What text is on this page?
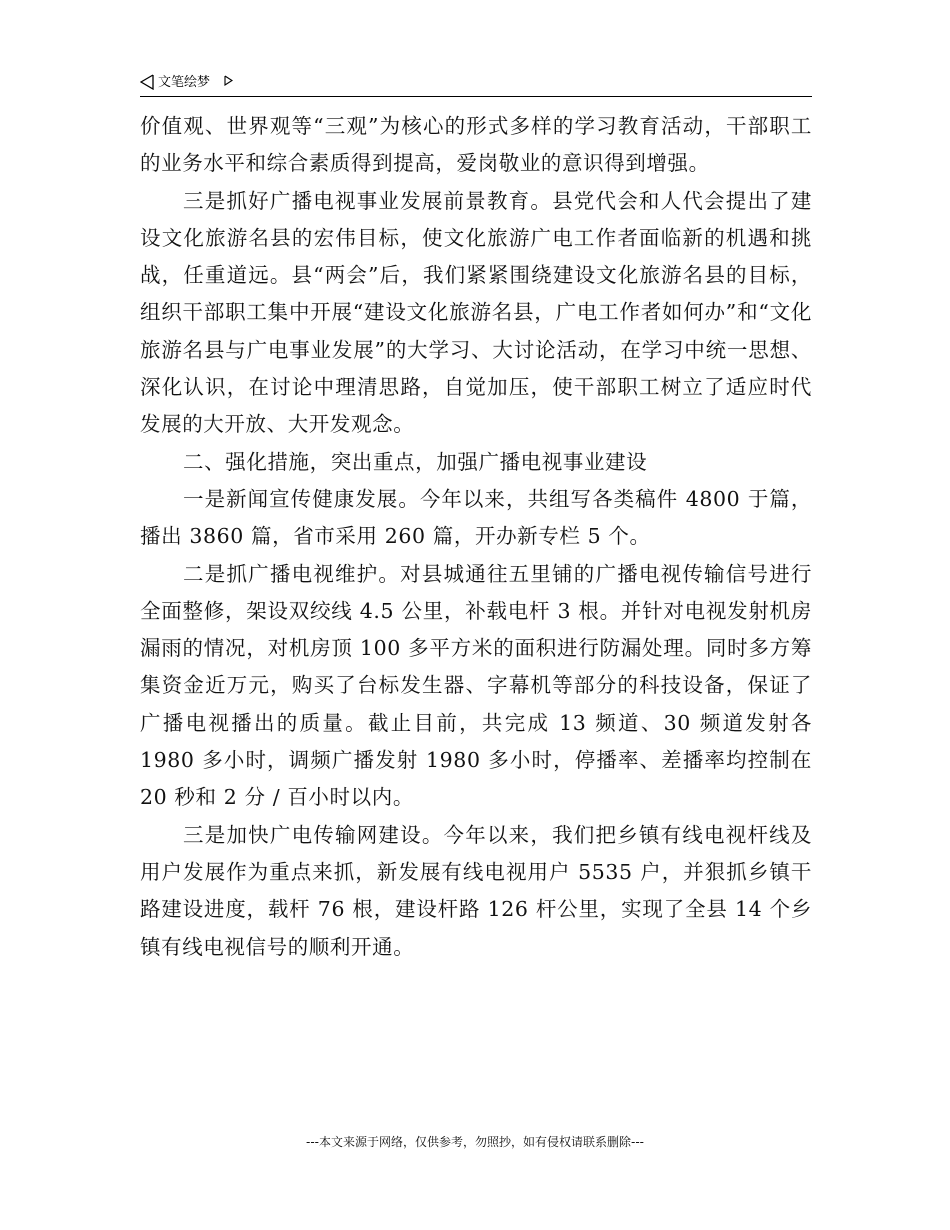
文笔绘梦

价值观、世界观等“三观”为核心的形式多样的学习教育活动，干部职工的业务水平和综合素质得到提高，爱岗敬业的意识得到增强。

三是抓好广播电视事业发展前景教育。县党代会和人代会提出了建设文化旅游名县的宏伟目标，使文化旅游广电工作者面临新的机遇和挑战，任重道远。县“两会”后，我们紧紧围绕建设文化旅游名县的目标，组织干部职工集中开展“建设文化旅游名县，广电工作者如何办”和“文化旅游名县与广电事业发展”的大学习、大讨论活动，在学习中统一思想、深化认识，在讨论中理清思路，自觉加压，使干部职工树立了适应时代发展的大开放、大开发观念。

二、强化措施，突出重点，加强广播电视事业建设

一是新闻宣传健康发展。今年以来，共组写各类稿件 4800 于篇，播出 3860 篇，省市采用 260 篇，开办新专栏 5 个。

二是抓广播电视维护。对县城通往五里铺的广播电视传输信号进行全面整修，架设双绞线 4.5 公里，补载电杆 3 根。并针对电视发射机房漏雨的情况，对机房顶 100 多平方米的面积进行防漏处理。同时多方筹集资金近万元，购买了台标发生器、字幕机等部分的科技设备，保证了广播电视播出的质量。截止目前，共完成 13 频道、30 频道发射各 1980 多小时，调频广播发射 1980 多小时，停播率、差播率均控制在 20 秒和 2 分 / 百小时以内。

三是加快广电传输网建设。今年以来，我们把乡镇有线电视杆线及用户发展作为重点来抓，新发展有线电视用户 5535 户，并狠抓乡镇干路建设进度，载杆 76 根，建设杆路 126 杆公里，实现了全县 14 个乡镇有线电视信号的顺利开通。

---本文来源于网络，仅供参考，勿照抄，如有侵权请联系删除---
